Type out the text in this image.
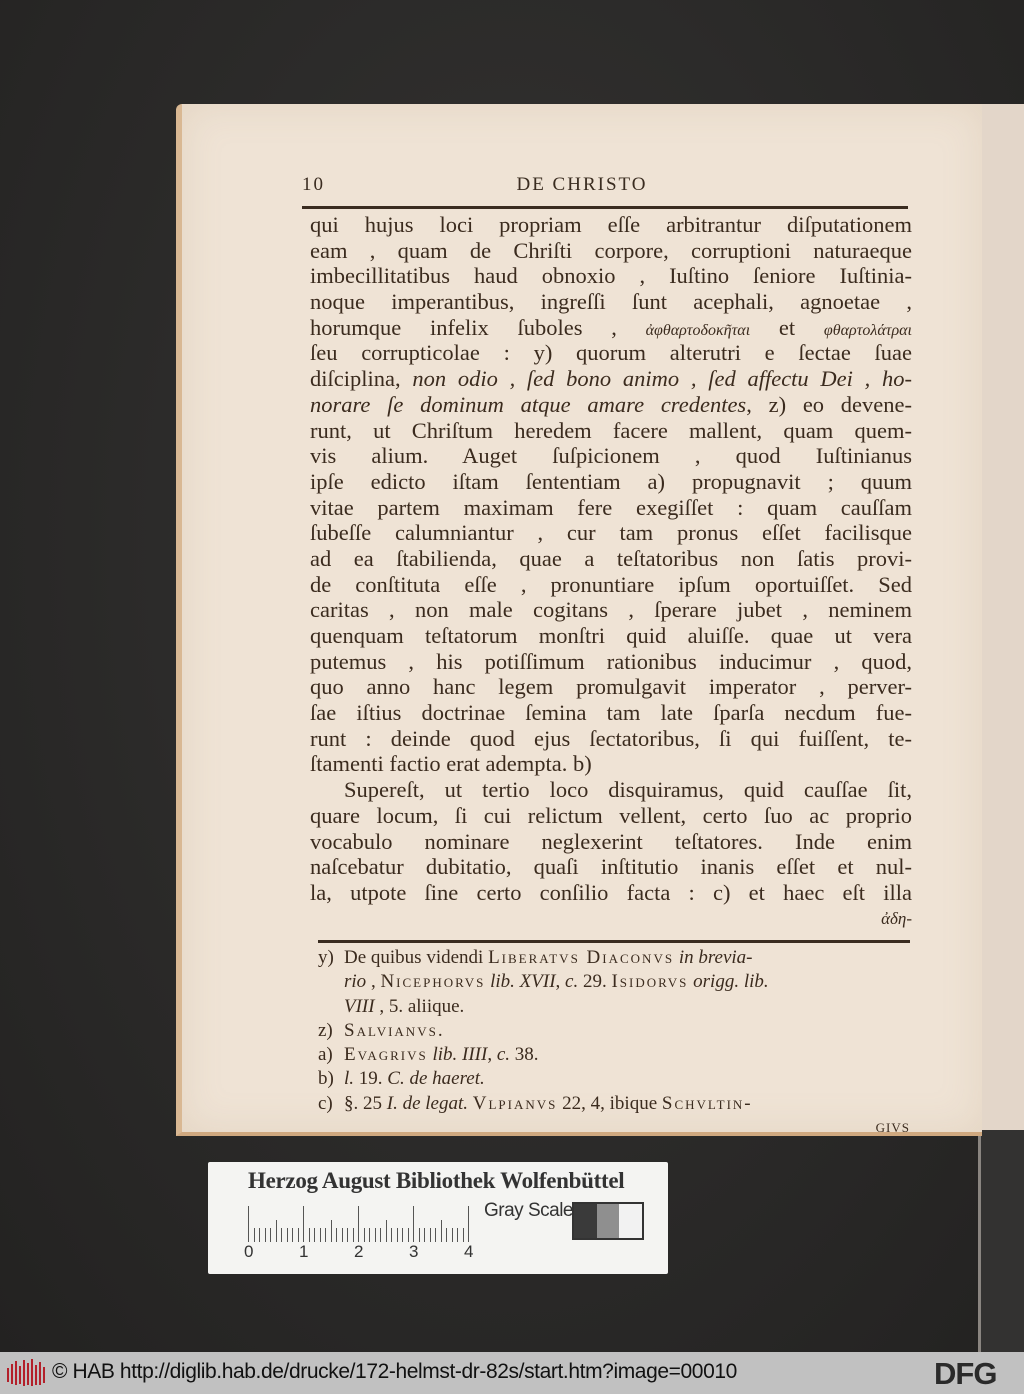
10	DE CHRISTO
qui hujus loci propriam eſſe arbitrantur diſputationem
eam , quam de Chriſti corpore, corruptioni naturaeque
imbecillitatibus haud obnoxio , Iuſtino ſeniore Iuſtinia-
noque imperantibus, ingreſſi ſunt acephali, agnoetae ,
horumque infelix ſuboles , ἀφθαρτοδοκῆται et φθαρτολάτραι
ſeu corrupticolae : y) quorum alterutri e ſectae ſuae
diſciplina, non odio , ſed bono animo , ſed affectu Dei , ho-
norare ſe dominum atque amare credentes, z) eo devene-
runt, ut Chriſtum heredem facere mallent, quam quem-
vis alium. Auget ſuſpicionem , quod Iuſtinianus
ipſe edicto iſtam ſententiam a) propugnavit ; quum
vitae partem maximam fere exegiſſet : quam cauſſam
ſubeſſe calumniantur , cur tam pronus eſſet facilisque
ad ea ſtabilienda, quae a teſtatoribus non ſatis provi-
de conſtituta eſſe , pronuntiare ipſum oportuiſſet. Sed
caritas , non male cogitans , ſperare jubet , neminem
quenquam teſtatorum monſtri quid aluiſſe. quae ut vera
putemus , his potiſſimum rationibus inducimur , quod,
quo anno hanc legem promulgavit imperator , perver-
ſae iſtius doctrinae ſemina tam late ſparſa necdum fue-
runt : deinde quod ejus ſectatoribus, ſi qui fuiſſent, te-
ſtamenti factio erat adempta. b)
Supereſt, ut tertio loco disquiramus, quid cauſſae ſit,
quare locum, ſi cui relictum vellent, certo ſuo ac proprio
vocabulo nominare neglexerint teſtatores. Inde enim
naſcebatur dubitatio, quaſi inſtitutio inanis eſſet et nul-
la, utpote ſine certo conſilio facta : c) et haec eſt illa
ἀδη-
y) De quibus videndi Liberatvs Diaconvs in brevia-
rio , Nicephorvs lib. XVII, c. 29. Isidorvs origg. lib.
VIII , 5. aliique.
z) Salvianvs.
a) Evagrivs lib. IIII, c. 38.
b) l. 19. C. de haeret.
c) §. 25 I. de legat. Vlpianvs 22, 4, ibique Schvltin-
GIVS
Herzog August Bibliothek Wolfenbüttel
Gray Scale
0	1	2	3	4
© HAB http://diglib.hab.de/drucke/172-helmst-dr-82s/start.htm?image=00010	DFG
